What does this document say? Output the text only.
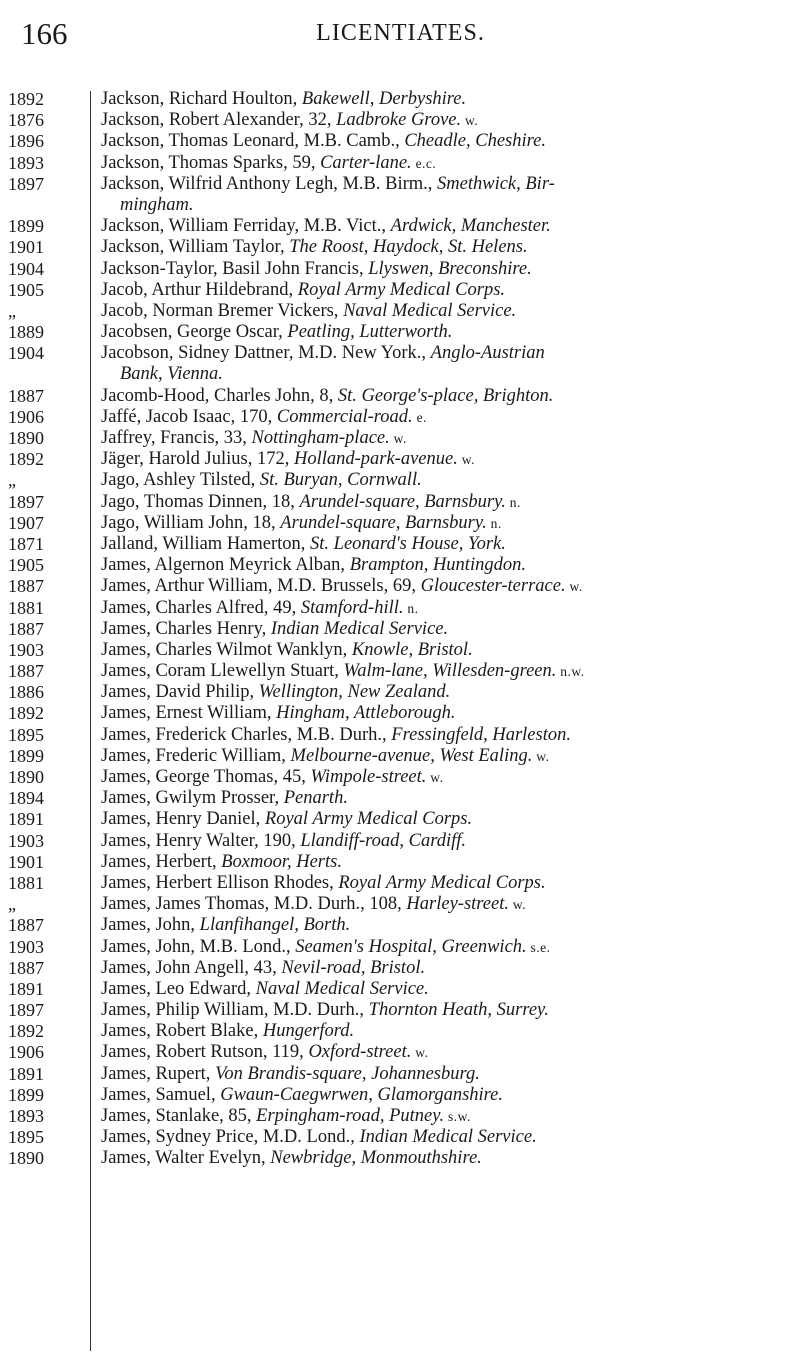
166	LICENTIATES.
1892	Jackson, Richard Houlton, Bakewell, Derbyshire.
1876	Jackson, Robert Alexander, 32, Ladbroke Grove. w.
1896	Jackson, Thomas Leonard, M.B. Camb., Cheadle, Cheshire.
1893	Jackson, Thomas Sparks, 59, Carter-lane. e.c.
1897	Jackson, Wilfrid Anthony Legh, M.B. Birm., Smethwick, Bir-
mingham.
1899	Jackson, William Ferriday, M.B. Vict., Ardwick, Manchester.
1901	Jackson, William Taylor, The Roost, Haydock, St. Helens.
1904	Jackson-Taylor, Basil John Francis, Llyswen, Breconshire.
1905	Jacob, Arthur Hildebrand, Royal Army Medical Corps.
„	Jacob, Norman Bremer Vickers, Naval Medical Service.
1889	Jacobsen, George Oscar, Peatling, Lutterworth.
1904	Jacobson, Sidney Dattner, M.D. New York., Anglo-Austrian
Bank, Vienna.
1887	Jacomb-Hood, Charles John, 8, St. George's-place, Brighton.
1906	Jaffé, Jacob Isaac, 170, Commercial-road. e.
1890	Jaffrey, Francis, 33, Nottingham-place. w.
1892	Jäger, Harold Julius, 172, Holland-park-avenue. w.
„	Jago, Ashley Tilsted, St. Buryan, Cornwall.
1897	Jago, Thomas Dinnen, 18, Arundel-square, Barnsbury. n.
1907	Jago, William John, 18, Arundel-square, Barnsbury. n.
1871	Jalland, William Hamerton, St. Leonard's House, York.
1905	James, Algernon Meyrick Alban, Brampton, Huntingdon.
1887	James, Arthur William, M.D. Brussels, 69, Gloucester-terrace. w.
1881	James, Charles Alfred, 49, Stamford-hill. n.
1887	James, Charles Henry, Indian Medical Service.
1903	James, Charles Wilmot Wanklyn, Knowle, Bristol.
1887	James, Coram Llewellyn Stuart, Walm-lane, Willesden-green. n.w.
1886	James, David Philip, Wellington, New Zealand.
1892	James, Ernest William, Hingham, Attleborough.
1895	James, Frederick Charles, M.B. Durh., Fressingfeld, Harleston.
1899	James, Frederic William, Melbourne-avenue, West Ealing. w.
1890	James, George Thomas, 45, Wimpole-street. w.
1894	James, Gwilym Prosser, Penarth.
1891	James, Henry Daniel, Royal Army Medical Corps.
1903	James, Henry Walter, 190, Llandiff-road, Cardiff.
1901	James, Herbert, Boxmoor, Herts.
1881	James, Herbert Ellison Rhodes, Royal Army Medical Corps.
„	James, James Thomas, M.D. Durh., 108, Harley-street. w.
1887	James, John, Llanfihangel, Borth.
1903	James, John, M.B. Lond., Seamen's Hospital, Greenwich. s.e.
1887	James, John Angell, 43, Nevil-road, Bristol.
1891	James, Leo Edward, Naval Medical Service.
1897	James, Philip William, M.D. Durh., Thornton Heath, Surrey.
1892	James, Robert Blake, Hungerford.
1906	James, Robert Rutson, 119, Oxford-street. w.
1891	James, Rupert, Von Brandis-square, Johannesburg.
1899	James, Samuel, Gwaun-Caegwrwen, Glamorganshire.
1893	James, Stanlake, 85, Erpingham-road, Putney. s.w.
1895	James, Sydney Price, M.D. Lond., Indian Medical Service.
1890	James, Walter Evelyn, Newbridge, Monmouthshire.
